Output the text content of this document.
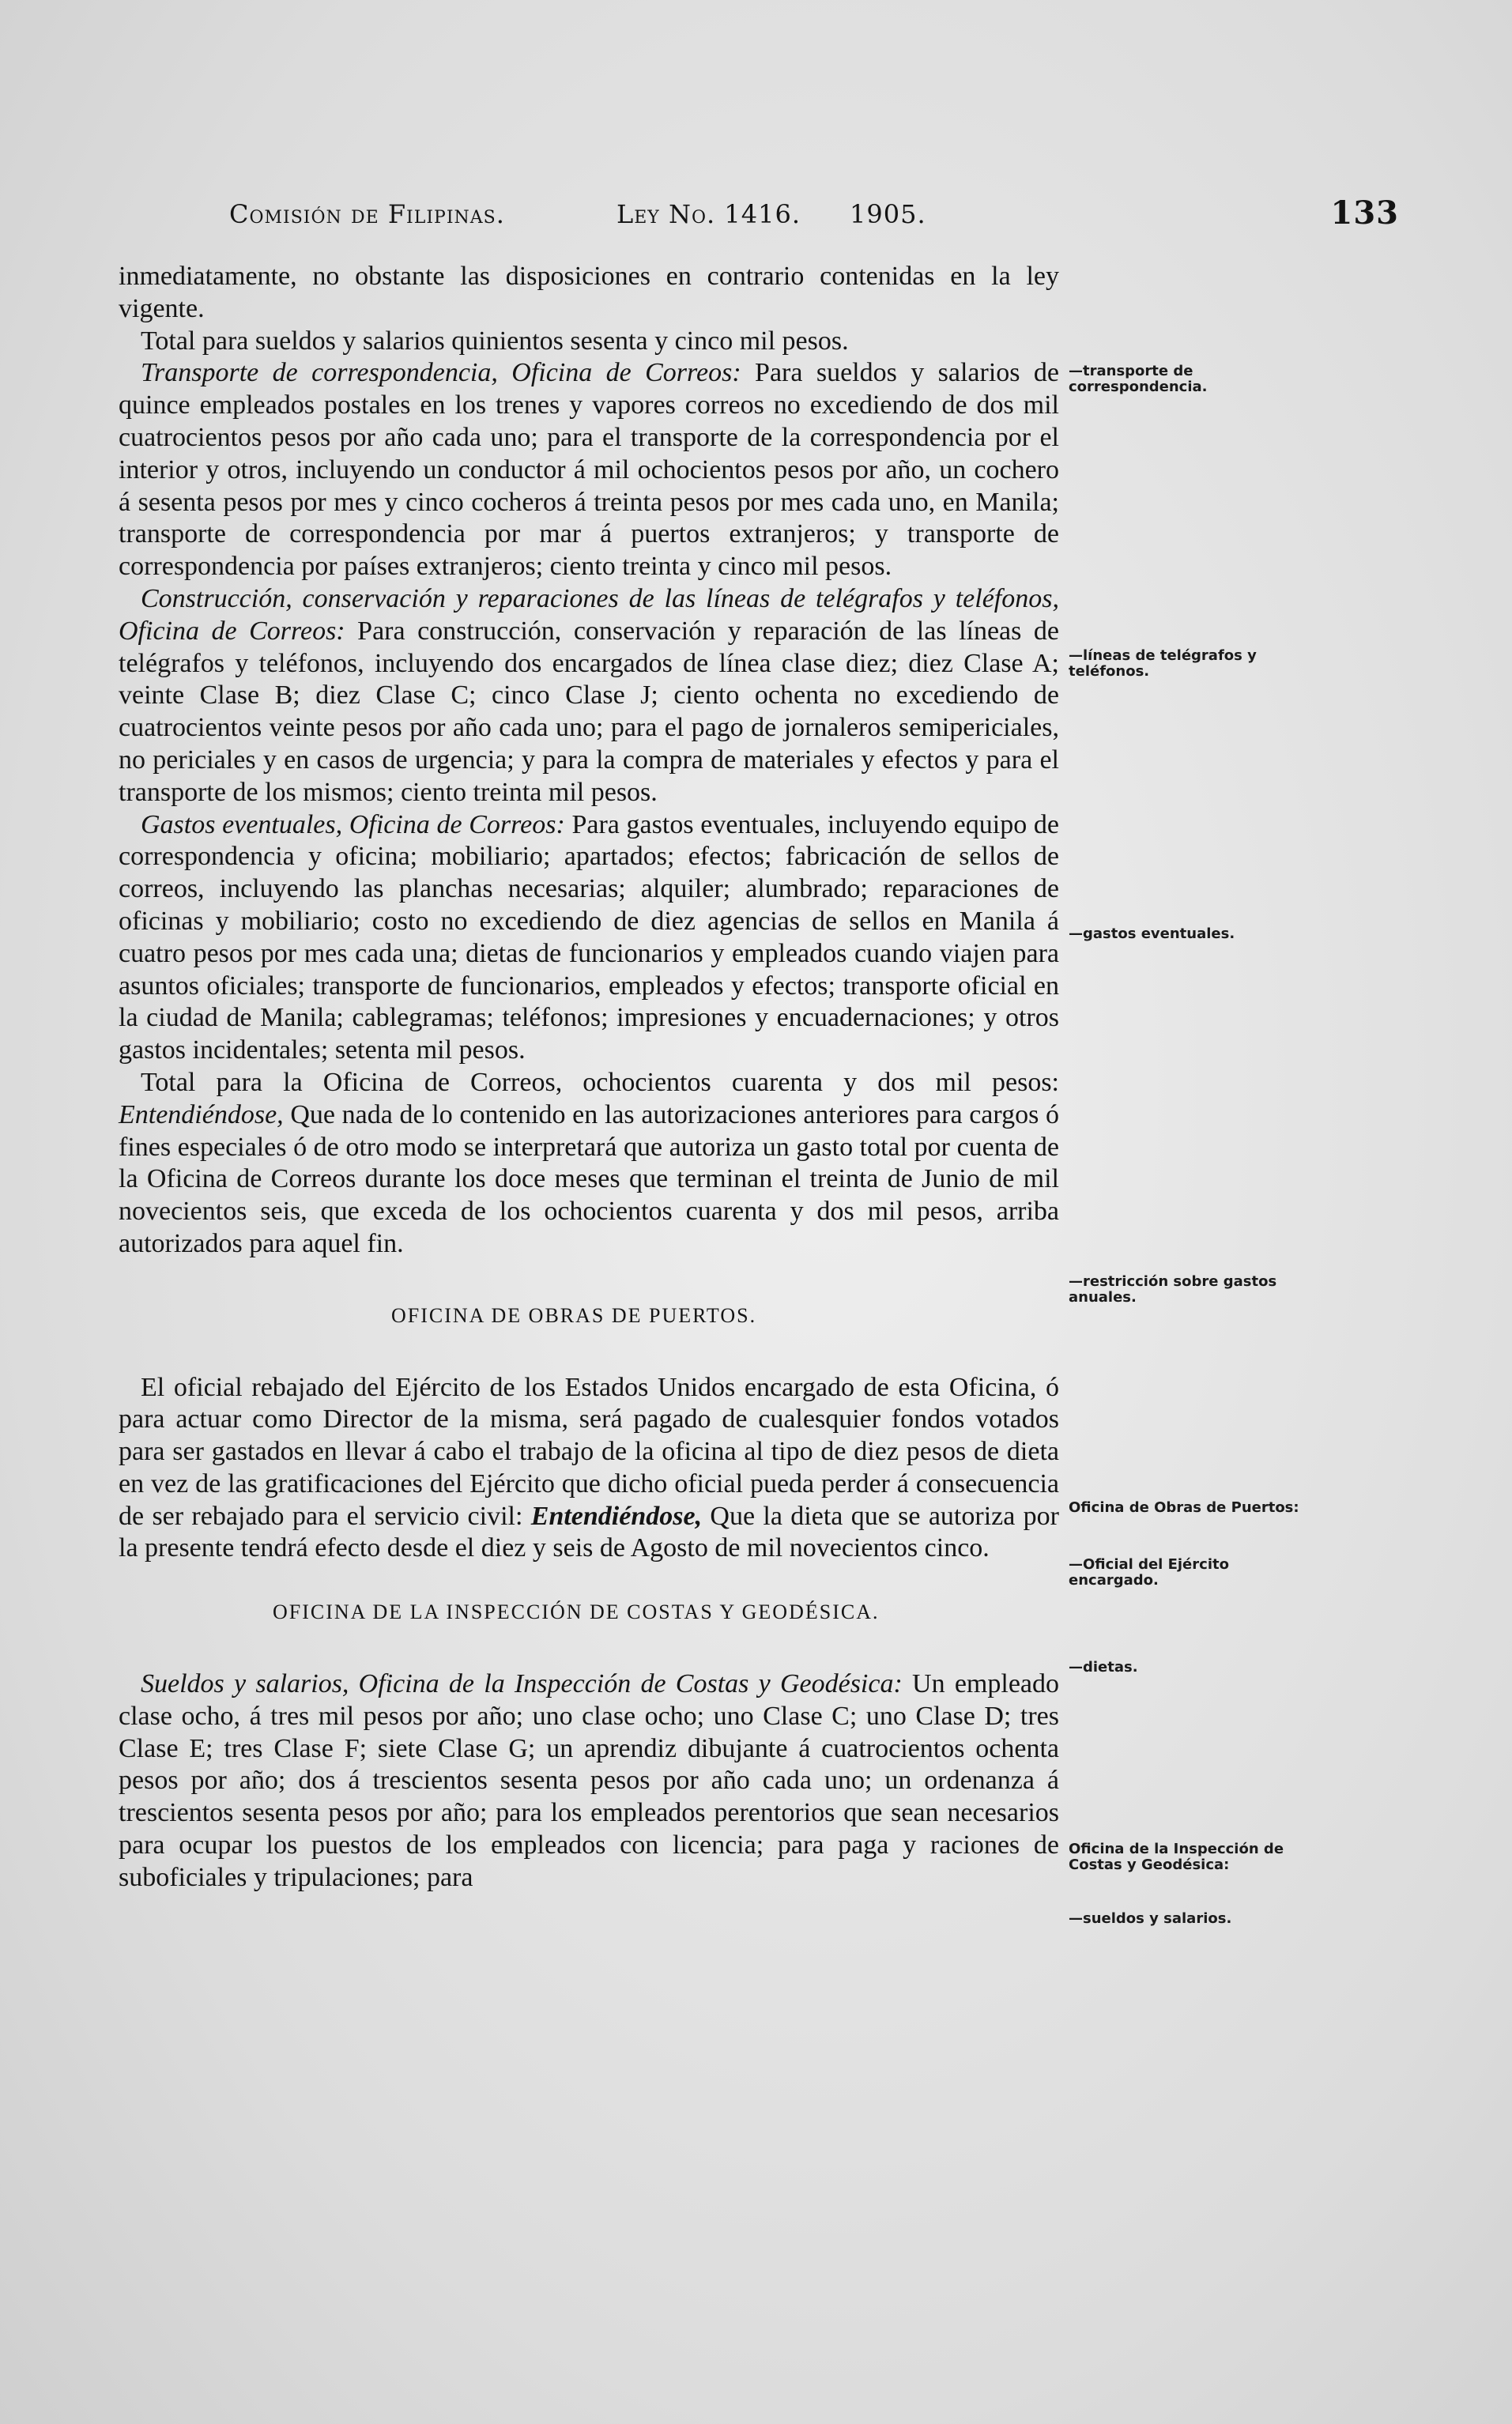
Comisión de Filipinas.	Ley No. 1416. 1905.	133

inmediatamente, no obstante las disposiciones en contrario contenidas en la ley vigente.

Total para sueldos y salarios quinientos sesenta y cinco mil pesos.

Transporte de correspondencia, Oficina de Correos: Para sueldos y salarios de quince empleados postales en los trenes y vapores correos no excediendo de dos mil cuatrocientos pesos por año cada uno; para el transporte de la correspondencia por el interior y otros, incluyendo un conductor á mil ochocientos pesos por año, un cochero á sesenta pesos por mes y cinco cocheros á treinta pesos por mes cada uno, en Manila; transporte de correspondencia por mar á puertos extranjeros; y transporte de correspondencia por países extranjeros; ciento treinta y cinco mil pesos.

Construcción, conservación y reparaciones de las líneas de telégrafos y teléfonos, Oficina de Correos: Para construcción, conservación y reparación de las líneas de telégrafos y teléfonos, incluyendo dos encargados de línea clase diez; diez Clase A; veinte Clase B; diez Clase C; cinco Clase J; ciento ochenta no excediendo de cuatrocientos veinte pesos por año cada uno; para el pago de jornaleros semipericiales, no periciales y en casos de urgencia; y para la compra de materiales y efectos y para el transporte de los mismos; ciento treinta mil pesos.

Gastos eventuales, Oficina de Correos: Para gastos eventuales, incluyendo equipo de correspondencia y oficina; mobiliario; apartados; efectos; fabricación de sellos de correos, incluyendo las planchas necesarias; alquiler; alumbrado; reparaciones de oficinas y mobiliario; costo no excediendo de diez agencias de sellos en Manila á cuatro pesos por mes cada una; dietas de funcionarios y empleados cuando viajen para asuntos oficiales; transporte de funcionarios, empleados y efectos; transporte oficial en la ciudad de Manila; cablegramas; teléfonos; impresiones y encuadernaciones; y otros gastos incidentales; setenta mil pesos.

Total para la Oficina de Correos, ochocientos cuarenta y dos mil pesos: Entendiéndose, Que nada de lo contenido en las autorizaciones anteriores para cargos ó fines especiales ó de otro modo se interpretará que autoriza un gasto total por cuenta de la Oficina de Correos durante los doce meses que terminan el treinta de Junio de mil novecientos seis, que exceda de los ochocientos cuarenta y dos mil pesos, arriba autorizados para aquel fin.

OFICINA DE OBRAS DE PUERTOS.

El oficial rebajado del Ejército de los Estados Unidos encargado de esta Oficina, ó para actuar como Director de la misma, será pagado de cualesquier fondos votados para ser gastados en llevar á cabo el trabajo de la oficina al tipo de diez pesos de dieta en vez de las gratificaciones del Ejército que dicho oficial pueda perder á consecuencia de ser rebajado para el servicio civil: Entendiéndose, Que la dieta que se autoriza por la presente tendrá efecto desde el diez y seis de Agosto de mil novecientos cinco.

OFICINA DE LA INSPECCIÓN DE COSTAS Y GEODÉSICA.

Sueldos y salarios, Oficina de la Inspección de Costas y Geodésica: Un empleado clase ocho, á tres mil pesos por año; uno clase ocho; uno Clase C; uno Clase D; tres Clase E; tres Clase F; siete Clase G; un aprendiz dibujante á cuatrocientos ochenta pesos por año; dos á trescientos sesenta pesos por año cada uno; un ordenanza á trescientos sesenta pesos por año; para los empleados perentorios que sean necesarios para ocupar los puestos de los empleados con licencia; para paga y raciones de suboficiales y tripulaciones; para

—transporte de correspondencia.
—líneas de telégrafos y teléfonos.
—gastos eventuales.
—restricción sobre gastos anuales.
Oficina de Obras de Puertos:
—Oficial del Ejército encargado.
—dietas.
Oficina de la Inspección de Costas y Geodésica:
—sueldos y salarios.
